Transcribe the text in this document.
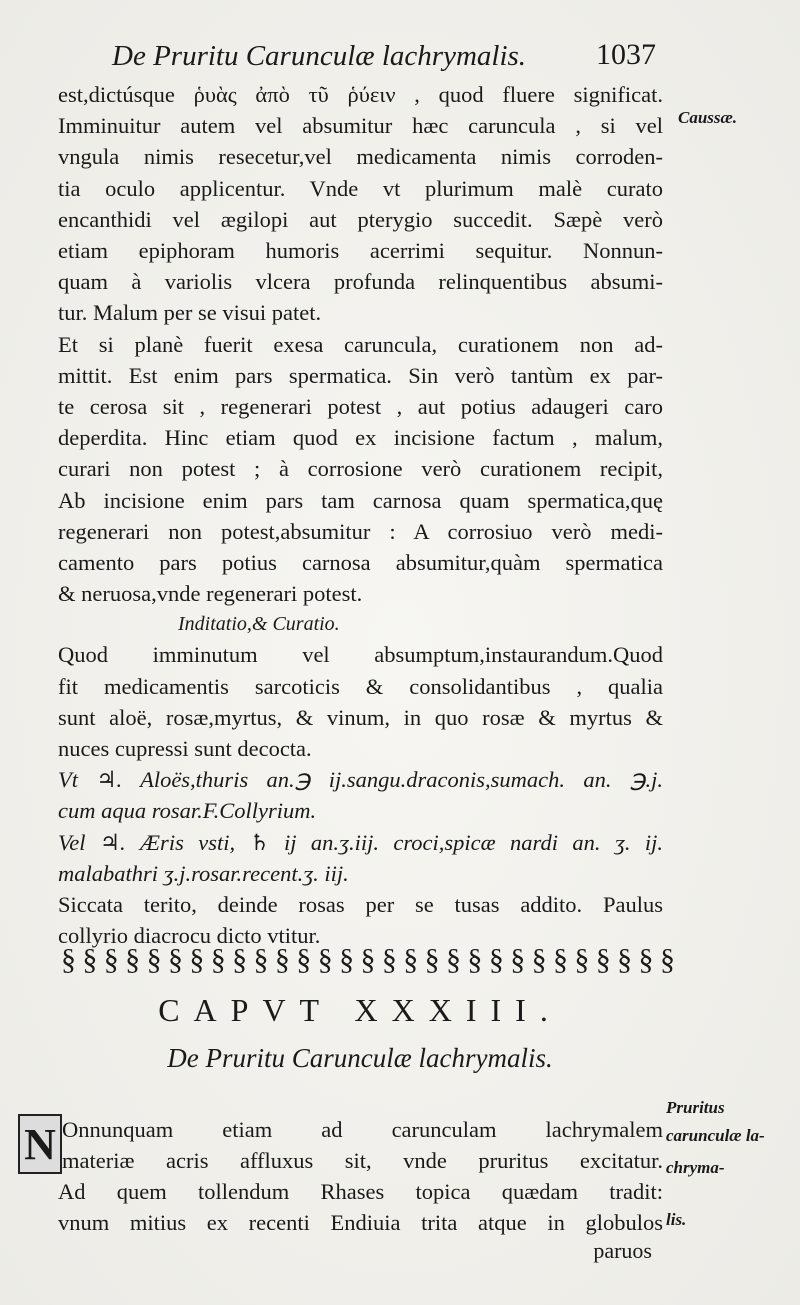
De Pruritu Carunculæ lachrymalis. 1037
est,dictúsque ῥυὰς ἀπὸ τῦ ῥύειν , quod fluere significat.
Imminuitur autem vel absumitur hæc caruncula , si vel
vngula nimis resecetur,vel medicamenta nimis corroden-
tia oculo applicentur. Vnde vt plurimum malè curato
encanthidi vel ægilopi aut pterygio succedit. Sæpè verò
etiam epiphoram humoris acerrimi sequitur. Nonnun-
quam à variolis vlcera profunda relinquentibus absumi-
tur. Malum per se visui patet.
Et si planè fuerit exesa caruncula, curationem non ad-
mittit. Est enim pars spermatica. Sin verò tantùm ex par-
te cerosa sit , regenerari potest , aut potius adaugeri caro
deperdita. Hinc etiam quod ex incisione factum , malum,
curari non potest ; à corrosione verò curationem recipit,
Ab incisione enim pars tam carnosa quam spermatica,quę
regenerari non potest,absumitur : A corrosiuo verò medi-
camento pars potius carnosa absumitur,quàm spermatica
& neruosa,vnde regenerari potest.
Inditatio,& Curatio.
Quod imminutum vel absumptum,instaurandum.Quod
fit medicamentis sarcoticis & consolidantibus , qualia
sunt aloë, rosæ,myrtus, & vinum, in quo rosæ & myrtus &
nuces cupressi sunt decocta.
Vt ♃. Aloës,thuris an.℈ ij.sangu.draconis,sumach. an. ℈.j.
cum aqua rosar.F.Collyrium.
Vel ♃. Æris vsti, ♄ ij an.ʒ.iij. croci,spicæ nardi an. ʒ. ij.
malabathri ʒ.j.rosar.recent.ʒ. iij.
Siccata terito, deinde rosas per se tusas addito. Paulus
collyrio diacrocu dicto vtitur.
Caussæ.
§ § § § § § § § § § § § § § § § § § § § § § § § § § § § §
CAPVT XXXIII.
De Pruritu Carunculæ lachrymalis.
N Onnunquam etiam ad carunculam lachrymalem
materiæ acris affluxus sit, vnde pruritus excitatur.
Ad quem tollendum Rhases topica quædam tradit:
vnum mitius ex recenti Endiuia trita atque in globulos
Pruritus
carunculæ la-
chryma-
lis.
paruos
